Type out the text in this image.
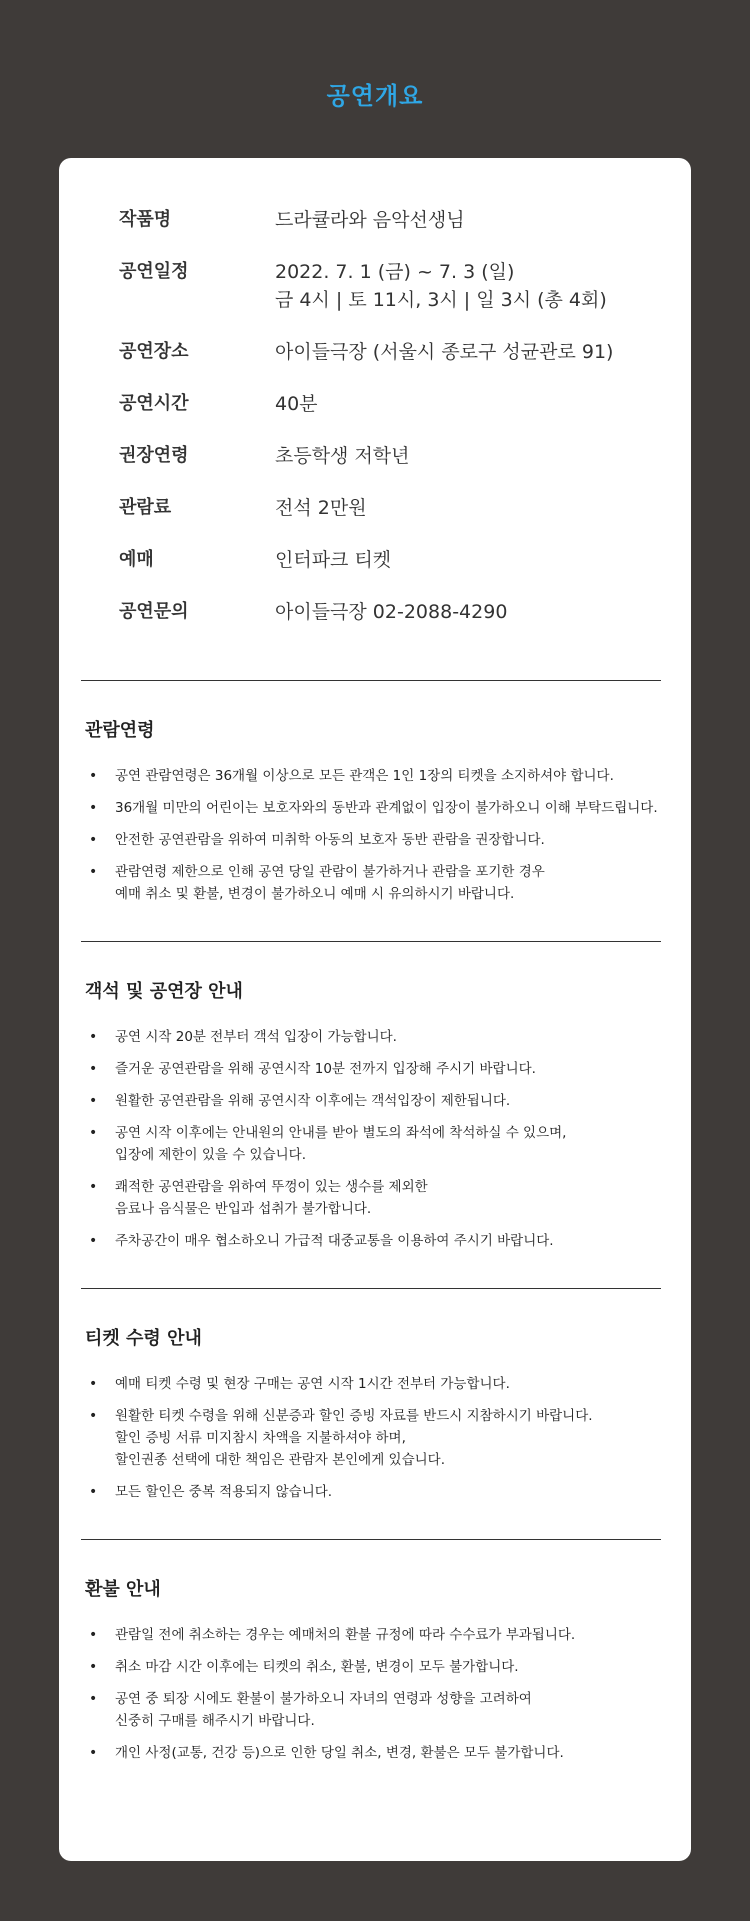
공연개요
작품명	드라큘라와 음악선생님
공연일정	2022. 7. 1 (금) ~ 7. 3 (일)
금 4시 | 토 11시, 3시 | 일 3시 (총 4회)
공연장소	아이들극장 (서울시 종로구 성균관로 91)
공연시간	40분
권장연령	초등학생 저학년
관람료	전석 2만원
예매	인터파크 티켓
공연문의	아이들극장 02-2088-4290
관람연령
• 공연 관람연령은 36개월 이상으로 모든 관객은 1인 1장의 티켓을 소지하셔야 합니다.
• 36개월 미만의 어린이는 보호자와의 동반과 관계없이 입장이 불가하오니 이해 부탁드립니다.
• 안전한 공연관람을 위하여 미취학 아동의 보호자 동반 관람을 권장합니다.
• 관람연령 제한으로 인해 공연 당일 관람이 불가하거나 관람을 포기한 경우
예매 취소 및 환불, 변경이 불가하오니 예매 시 유의하시기 바랍니다.
객석 및 공연장 안내
• 공연 시작 20분 전부터 객석 입장이 가능합니다.
• 즐거운 공연관람을 위해 공연시작 10분 전까지 입장해 주시기 바랍니다.
• 원활한 공연관람을 위해 공연시작 이후에는 객석입장이 제한됩니다.
• 공연 시작 이후에는 안내원의 안내를 받아 별도의 좌석에 착석하실 수 있으며,
입장에 제한이 있을 수 있습니다.
• 쾌적한 공연관람을 위하여 뚜껑이 있는 생수를 제외한
음료나 음식물은 반입과 섭취가 불가합니다.
• 주차공간이 매우 협소하오니 가급적 대중교통을 이용하여 주시기 바랍니다.
티켓 수령 안내
• 예매 티켓 수령 및 현장 구매는 공연 시작 1시간 전부터 가능합니다.
• 원활한 티켓 수령을 위해 신분증과 할인 증빙 자료를 반드시 지참하시기 바랍니다.
할인 증빙 서류 미지참시 차액을 지불하셔야 하며,
할인권종 선택에 대한 책임은 관람자 본인에게 있습니다.
• 모든 할인은 중복 적용되지 않습니다.
환불 안내
• 관람일 전에 취소하는 경우는 예매처의 환불 규정에 따라 수수료가 부과됩니다.
• 취소 마감 시간 이후에는 티켓의 취소, 환불, 변경이 모두 불가합니다.
• 공연 중 퇴장 시에도 환불이 불가하오니 자녀의 연령과 성향을 고려하여
신중히 구매를 해주시기 바랍니다.
• 개인 사정(교통, 건강 등)으로 인한 당일 취소, 변경, 환불은 모두 불가합니다.
